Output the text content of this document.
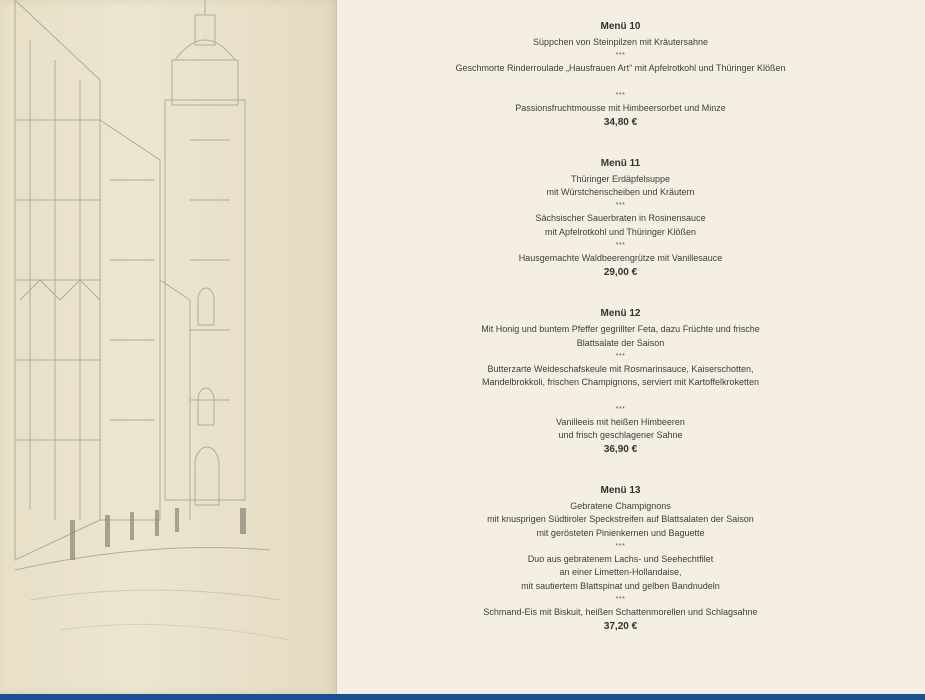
Menü 10

Süppchen von Steinpilzen mit Kräutersahne

***

Geschmorte Rinderroulade „Hausfrauen Art“ mit Apfelrotkohl und Thüringer Klößen

***

Passionsfruchtmousse mit Himbeersorbet und Minze

34,80 €
Menü 11

Thüringer Erdäpfelsuppe

mit Würstchenscheiben und Kräutern

***

Sächsischer Sauerbraten in Rosinensauce

mit Apfelrotkohl und Thüringer Klößen

***

Hausgemachte Waldbeerengrütze mit Vanillesauce

29,00 €
Menü 12

Mit Honig und buntem Pfeffer gegrillter Feta, dazu Früchte und frische

Blattsalate der Saison

***

Butterzarte Weideschafskeule mit Rosmarinsauce, Kaiserschotten,

Mandelbrokkoli, frischen Champignons, serviert mit Kartoffelkroketten

***

Vanilleeis mit heißen Himbeeren

und frisch geschlagener Sahne

36,90 €
Menü 13

Gebratene Champignons

mit knusprigen Südtiroler Speckstreifen auf Blattsalaten der Saison

mit gerösteten Pinienkernen und Baguette

***

Duo aus gebratenem Lachs- und Seehechtfilet

an einer Limetten-Hollandaise,

mit sautiertem Blattspinat und gelben Bandnudeln

***

Schmand-Eis mit Biskuit, heißen Schattenmorellen und Schlagsahne

37,20 €
